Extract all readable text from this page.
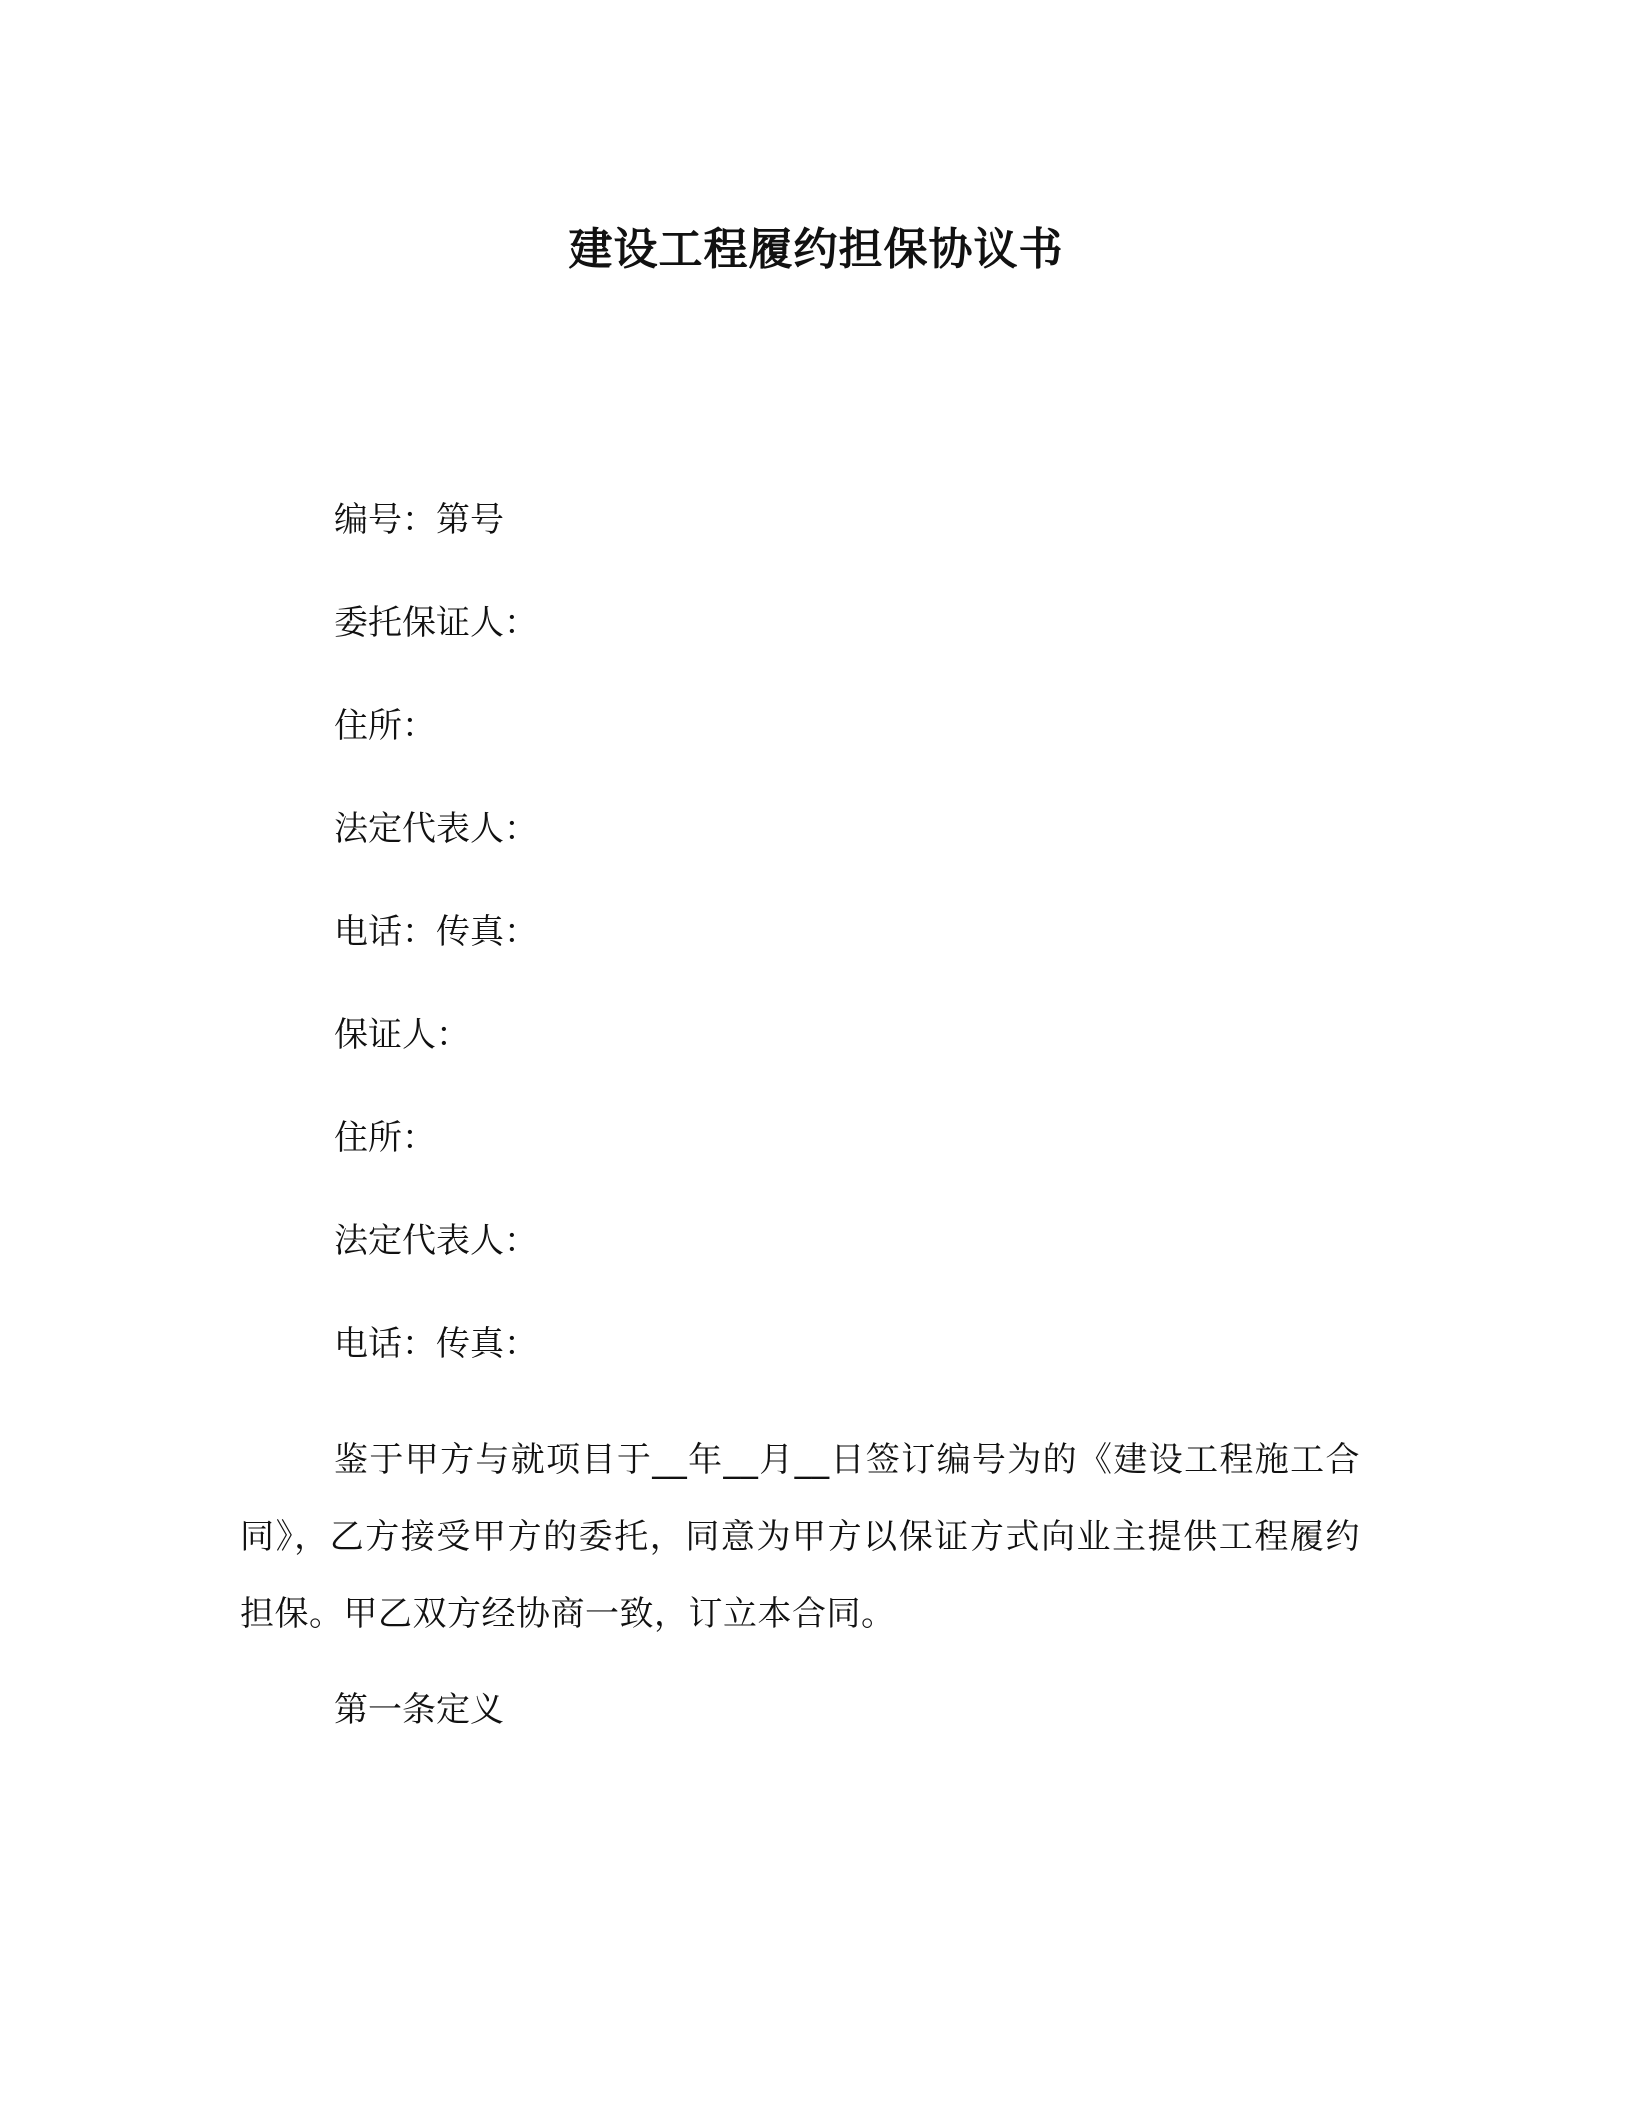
建设工程履约担保协议书
编号：第号
委托保证人：
住所：
法定代表人：
电话：传真：
保证人：
住所：
法定代表人：
电话：传真：
鉴于甲方与就项目于__年__月__日签订编号为的《建设工程施工合同》，乙方接受甲方的委托，同意为甲方以保证方式向业主提供工程履约担保。甲乙双方经协商一致，订立本合同。
第一条定义
